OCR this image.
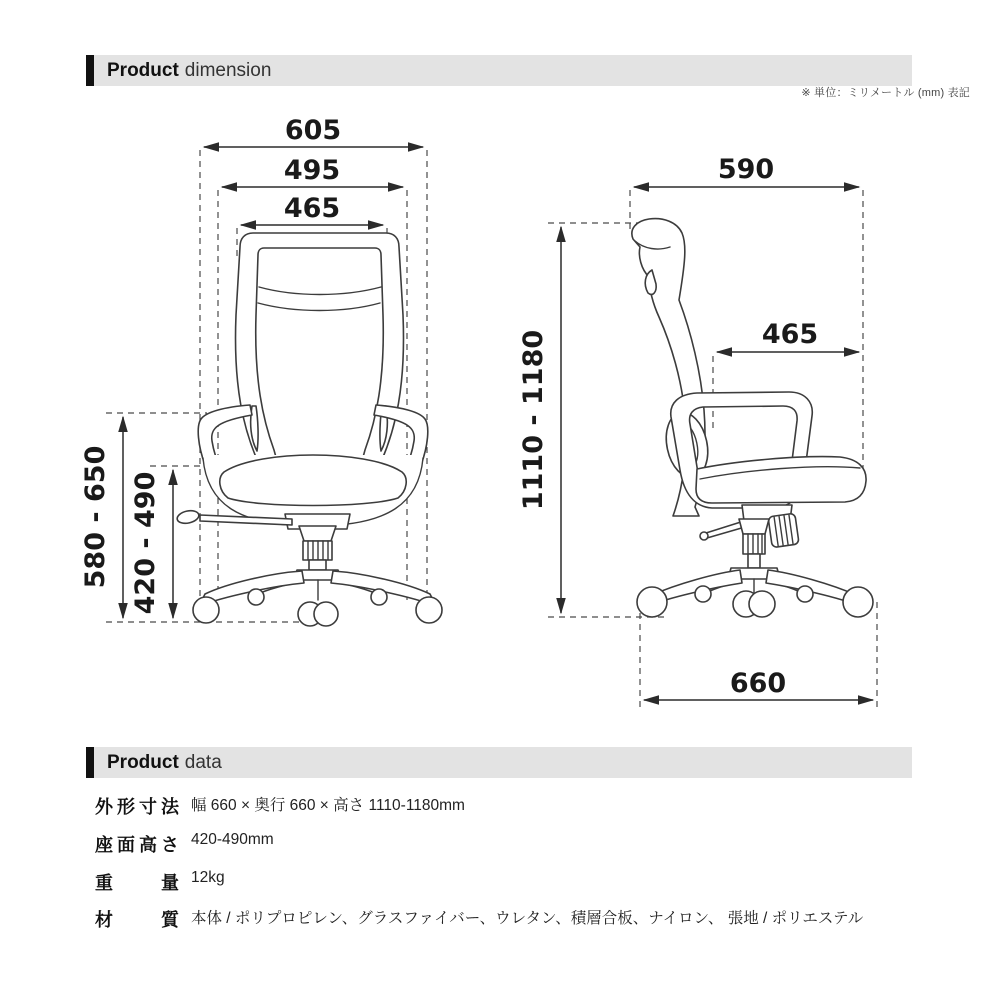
Product dimension
※ 単位：ミリメートル (mm) 表記
605
495
465
580 - 650 420 - 490
590
465
1110 - 1180
660
Product data
外形寸法 幅 660 × 奥行 660 × 高さ 1110-1180mm
座面高さ 420-490mm
重量 12kg
材質 本体 / ポリプロピレン、グラスファイバー、ウレタン、積層合板、ナイロン、 張地 / ポリエステル
